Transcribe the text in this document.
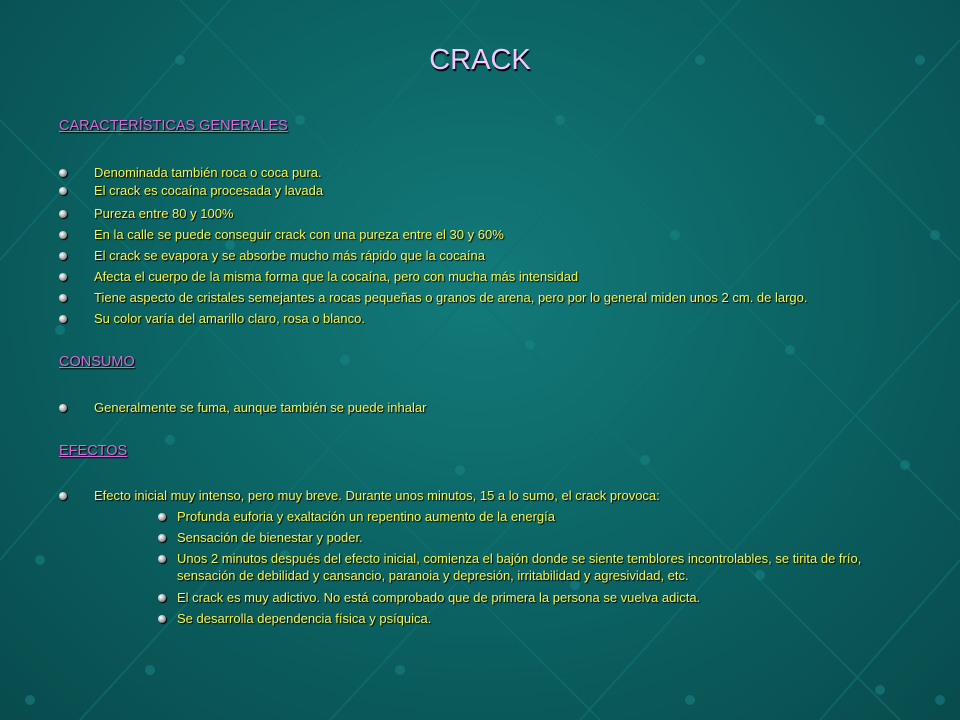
CRACK
CARACTERÍSTICAS GENERALES
Denominada también roca o coca pura.
El crack es cocaína procesada y lavada
Pureza entre 80 y 100%
En la calle se puede conseguir crack con una pureza entre el 30 y 60%
El crack se evapora y se absorbe mucho más rápido que la cocaína
Afecta el cuerpo de la misma forma que la cocaína, pero con mucha más intensidad
Tiene aspecto de cristales semejantes a rocas pequeñas o granos de arena, pero por lo general miden unos 2 cm. de largo.
Su color varía del amarillo claro, rosa o blanco.
CONSUMO
Generalmente se fuma, aunque también se puede inhalar
EFECTOS
Efecto inicial muy intenso, pero muy breve. Durante unos minutos, 15 a lo sumo, el crack provoca:
Profunda euforia y exaltación un repentino aumento de la energía
Sensación de bienestar y poder.
Unos 2 minutos después del efecto inicial, comienza el bajón donde se siente temblores incontrolables, se tirita de frío, sensación de debilidad y cansancio, paranoia y depresión, irritabilidad y agresividad, etc.
El crack es muy adictivo. No está comprobado que de primera la persona se vuelva adicta.
Se desarrolla dependencia física y psíquica.
